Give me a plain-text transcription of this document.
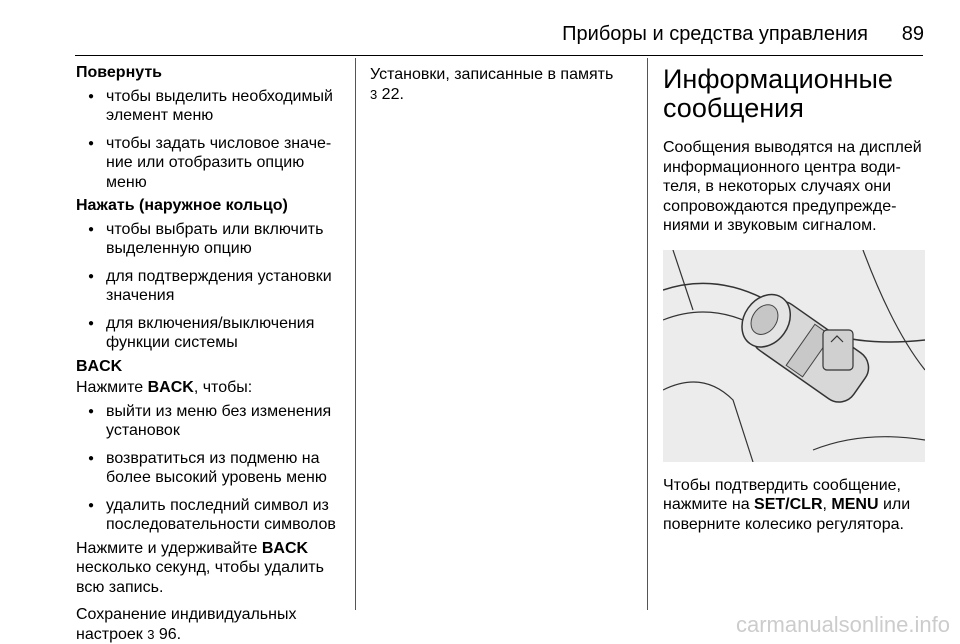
Приборы и средства управления 89
Повернуть
● чтобы выделить необходимый элемент меню
● чтобы задать числовое значе- ние или отобразить опцию меню
Нажать (наружное кольцо)
● чтобы выбрать или включить выделенную опцию
● для подтверждения установки значения
● для включения/выключения функции системы
BACK
Нажмите BACK, чтобы:
● выйти из меню без изменения установок
● возвратиться из подменю на более высокий уровень меню
● удалить последний символ из последовательности символов
Нажмите и удерживайте BACK несколько секунд, чтобы удалить всю запись.
Сохранение индивидуальных настроек 3 96.
Установки, записанные в память
3 22.	Информационные сообщения
Сообщения выводятся на дисплей информационного центра води- теля, в некоторых случаях они сопровождаются предупрежде- ниями и звуковым сигналом.
Чтобы подтвердить сообщение, нажмите на SET/CLR, MENU или поверните колесико регулятора.
carmanualsonline.info
